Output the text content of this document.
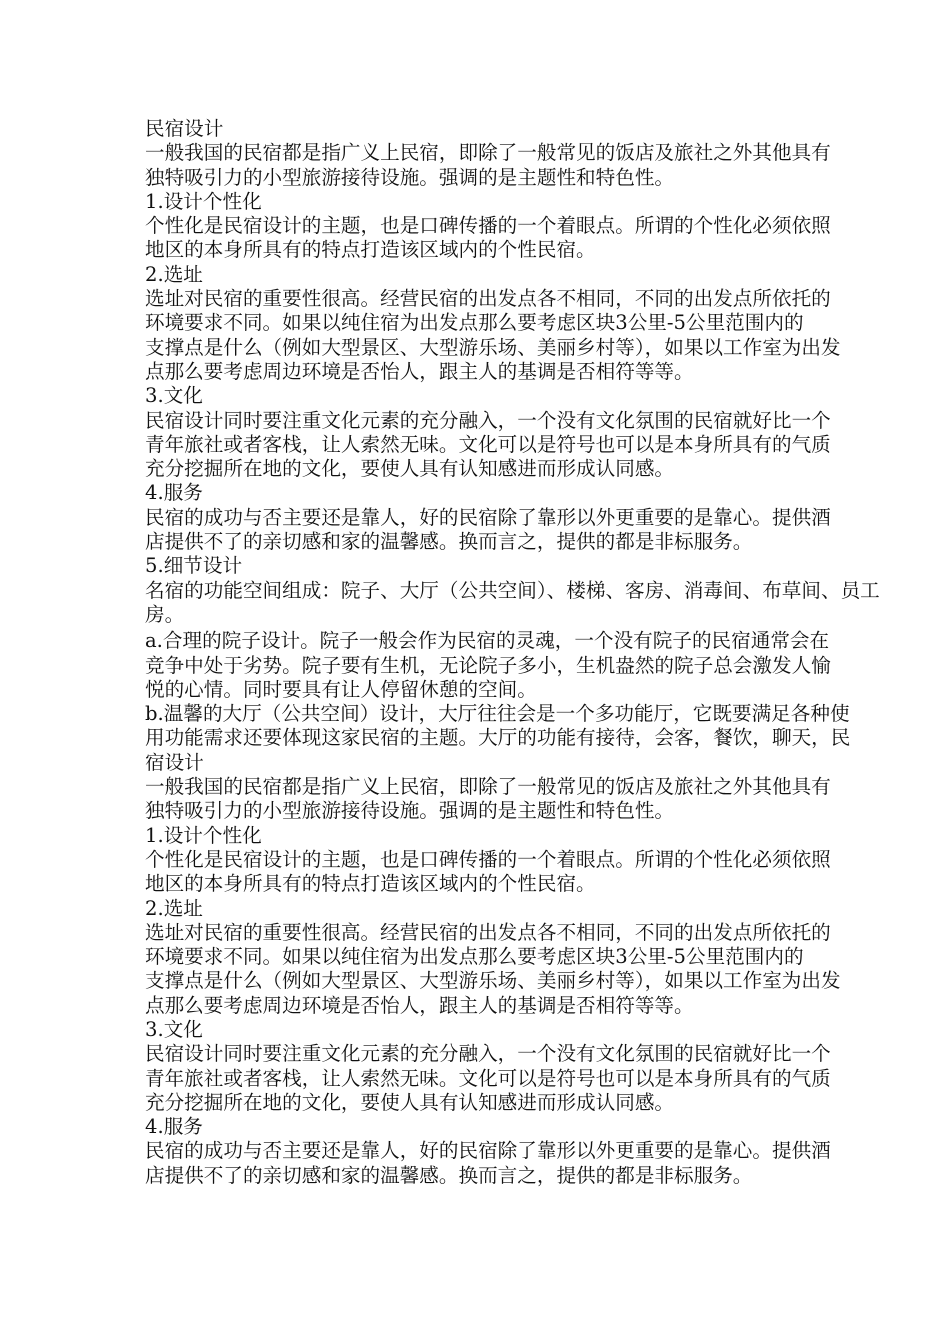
民宿设计
一般我国的民宿都是指广义上民宿，即除了一般常见的饭店及旅社之外其他具有
独特吸引力的小型旅游接待设施。强调的是主题性和特色性。
1.设计个性化
个性化是民宿设计的主题，也是口碑传播的一个着眼点。所谓的个性化必须依照
地区的本身所具有的特点打造该区域内的个性民宿。
2.选址
选址对民宿的重要性很高。经营民宿的出发点各不相同，不同的出发点所依托的
环境要求不同。如果以纯住宿为出发点那么要考虑区块3公里-5公里范围内的
支撑点是什么（例如大型景区、大型游乐场、美丽乡村等），如果以工作室为出发
点那么要考虑周边环境是否怡人，跟主人的基调是否相符等等。
3.文化
民宿设计同时要注重文化元素的充分融入，一个没有文化氛围的民宿就好比一个
青年旅社或者客栈，让人索然无味。文化可以是符号也可以是本身所具有的气质
充分挖掘所在地的文化，要使人具有认知感进而形成认同感。
4.服务
民宿的成功与否主要还是靠人，好的民宿除了靠形以外更重要的是靠心。提供酒
店提供不了的亲切感和家的温馨感。换而言之，提供的都是非标服务。
5.细节设计
名宿的功能空间组成：院子、大厅（公共空间）、楼梯、客房、消毒间、布草间、员工
房。
a.合理的院子设计。院子一般会作为民宿的灵魂，一个没有院子的民宿通常会在
竞争中处于劣势。院子要有生机，无论院子多小，生机盎然的院子总会激发人愉
悦的心情。同时要具有让人停留休憩的空间。
b.温馨的大厅（公共空间）设计，大厅往往会是一个多功能厅，它既要满足各种使
用功能需求还要体现这家民宿的主题。大厅的功能有接待，会客，餐饮，聊天，民
宿设计
一般我国的民宿都是指广义上民宿，即除了一般常见的饭店及旅社之外其他具有
独特吸引力的小型旅游接待设施。强调的是主题性和特色性。
1.设计个性化
个性化是民宿设计的主题，也是口碑传播的一个着眼点。所谓的个性化必须依照
地区的本身所具有的特点打造该区域内的个性民宿。
2.选址
选址对民宿的重要性很高。经营民宿的出发点各不相同，不同的出发点所依托的
环境要求不同。如果以纯住宿为出发点那么要考虑区块3公里-5公里范围内的
支撑点是什么（例如大型景区、大型游乐场、美丽乡村等），如果以工作室为出发
点那么要考虑周边环境是否怡人，跟主人的基调是否相符等等。
3.文化
民宿设计同时要注重文化元素的充分融入，一个没有文化氛围的民宿就好比一个
青年旅社或者客栈，让人索然无味。文化可以是符号也可以是本身所具有的气质
充分挖掘所在地的文化，要使人具有认知感进而形成认同感。
4.服务
民宿的成功与否主要还是靠人，好的民宿除了靠形以外更重要的是靠心。提供酒
店提供不了的亲切感和家的温馨感。换而言之，提供的都是非标服务。
